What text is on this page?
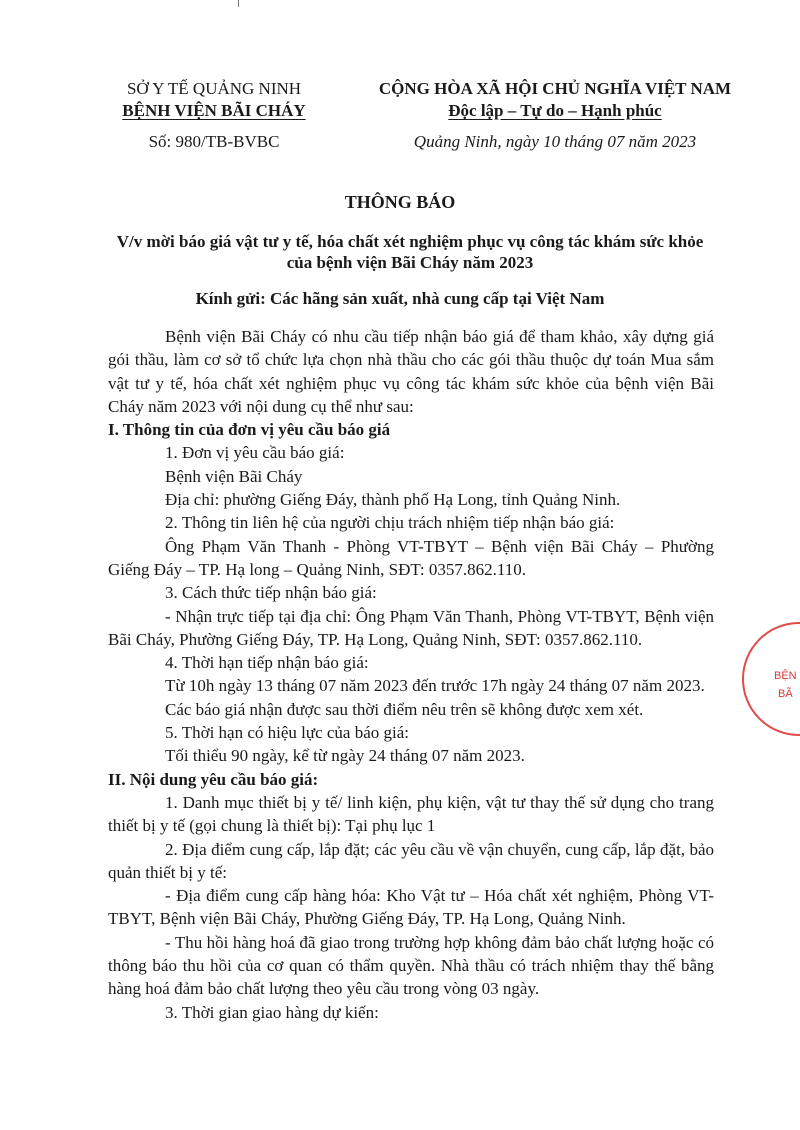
SỞ Y TẾ QUẢNG NINH
BỆNH VIỆN BÃI CHÁY
Số: 980/TB-BVBC
CỘNG HÒA XÃ HỘI CHỦ NGHĨA VIỆT NAM
Độc lập – Tự do – Hạnh phúc
Quảng Ninh, ngày 10 tháng 07 năm 2023
THÔNG BÁO
V/v mời báo giá vật tư y tế, hóa chất xét nghiệm phục vụ công tác khám sức khỏe của bệnh viện Bãi Cháy năm 2023
Kính gửi: Các hãng sản xuất, nhà cung cấp tại Việt Nam

Bệnh viện Bãi Cháy có nhu cầu tiếp nhận báo giá để tham khảo, xây dựng giá gói thầu, làm cơ sở tổ chức lựa chọn nhà thầu cho các gói thầu thuộc dự toán Mua sắm vật tư y tế, hóa chất xét nghiệm phục vụ công tác khám sức khỏe của bệnh viện Bãi Cháy năm 2023 với nội dung cụ thể như sau:

I. Thông tin của đơn vị yêu cầu báo giá

1. Đơn vị yêu cầu báo giá:

Bệnh viện Bãi Cháy

Địa chỉ: phường Giếng Đáy, thành phố Hạ Long, tỉnh Quảng Ninh.

2. Thông tin liên hệ của người chịu trách nhiệm tiếp nhận báo giá:

Ông Phạm Văn Thanh - Phòng VT-TBYT – Bệnh viện Bãi Cháy – Phường Giếng Đáy – TP. Hạ long – Quảng Ninh, SĐT: 0357.862.110.

3. Cách thức tiếp nhận báo giá:

- Nhận trực tiếp tại địa chỉ: Ông Phạm Văn Thanh, Phòng VT-TBYT, Bệnh viện Bãi Cháy, Phường Giếng Đáy, TP. Hạ Long, Quảng Ninh, SĐT: 0357.862.110.

4. Thời hạn tiếp nhận báo giá:

Từ 10h ngày 13 tháng 07 năm 2023 đến trước 17h ngày 24 tháng 07 năm 2023.

Các báo giá nhận được sau thời điểm nêu trên sẽ không được xem xét.

5. Thời hạn có hiệu lực của báo giá:

Tối thiểu 90 ngày, kể từ ngày 24 tháng 07 năm 2023.

II. Nội dung yêu cầu báo giá:

1. Danh mục thiết bị y tế/ linh kiện, phụ kiện, vật tư thay thế sử dụng cho trang thiết bị y tế (gọi chung là thiết bị): Tại phụ lục 1

2. Địa điểm cung cấp, lắp đặt; các yêu cầu về vận chuyển, cung cấp, lắp đặt, bảo quản thiết bị y tế:

- Địa điểm cung cấp hàng hóa: Kho Vật tư – Hóa chất xét nghiệm, Phòng VT-TBYT, Bệnh viện Bãi Cháy, Phường Giếng Đáy, TP. Hạ Long, Quảng Ninh.

- Thu hồi hàng hoá đã giao trong trường hợp không đảm bảo chất lượng hoặc có thông báo thu hồi của cơ quan có thẩm quyền. Nhà thầu có trách nhiệm thay thế bằng hàng hoá đảm bảo chất lượng theo yêu cầu trong vòng 03 ngày.

3. Thời gian giao hàng dự kiến:

BỆN
BÃ
